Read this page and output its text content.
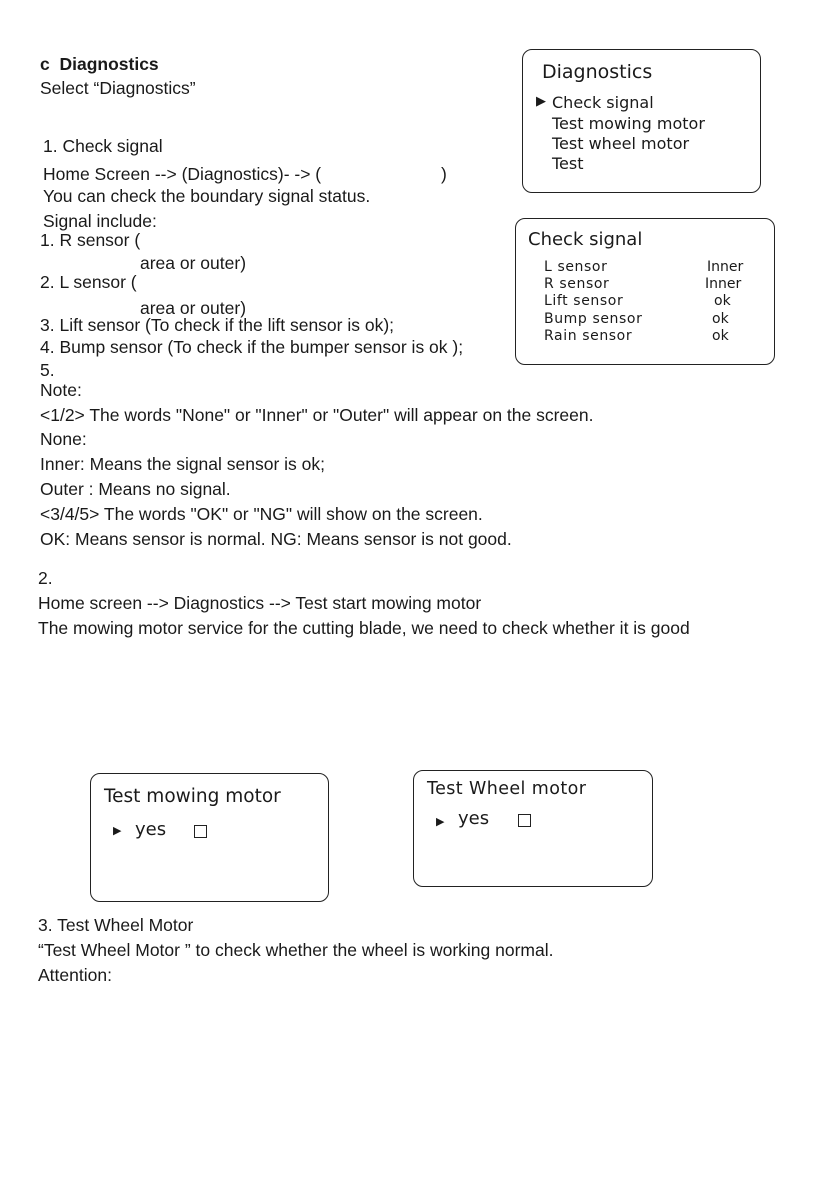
c Diagnostics
Select “Diagnostics”
1. Check signal
Home Screen --> (Diagnostics)- -> (	)
You can check the boundary signal status.
Signal include:
1. R sensor (
area or outer)
2. L sensor (
area or outer)
3. Lift sensor (To check if the lift sensor is ok);
4. Bump sensor (To check if the bumper sensor is ok );
5.
Note:
<1/2> The words "None" or "Inner" or "Outer" will appear on the screen.
None:
Inner: Means the signal sensor is ok;
Outer : Means no signal.
<3/4/5> The words "OK" or "NG" will show on the screen.
OK: Means sensor is normal. NG: Means sensor is not good.
2.
Home screen --> Diagnostics --> Test start mowing motor
The mowing motor service for the cutting blade, we need to check whether it is good
3. Test Wheel Motor
“Test Wheel Motor ” to check whether the wheel is working normal.
Attention:
Diagnostics
▶ Check signal
Test mowing motor
Test wheel motor
Test
Check signal
L sensor	Inner
R sensor	Inner
Lift sensor	ok
Bump sensor	ok
Rain sensor	ok
Test mowing motor
▶ yes
Test Wheel motor
▶ yes
